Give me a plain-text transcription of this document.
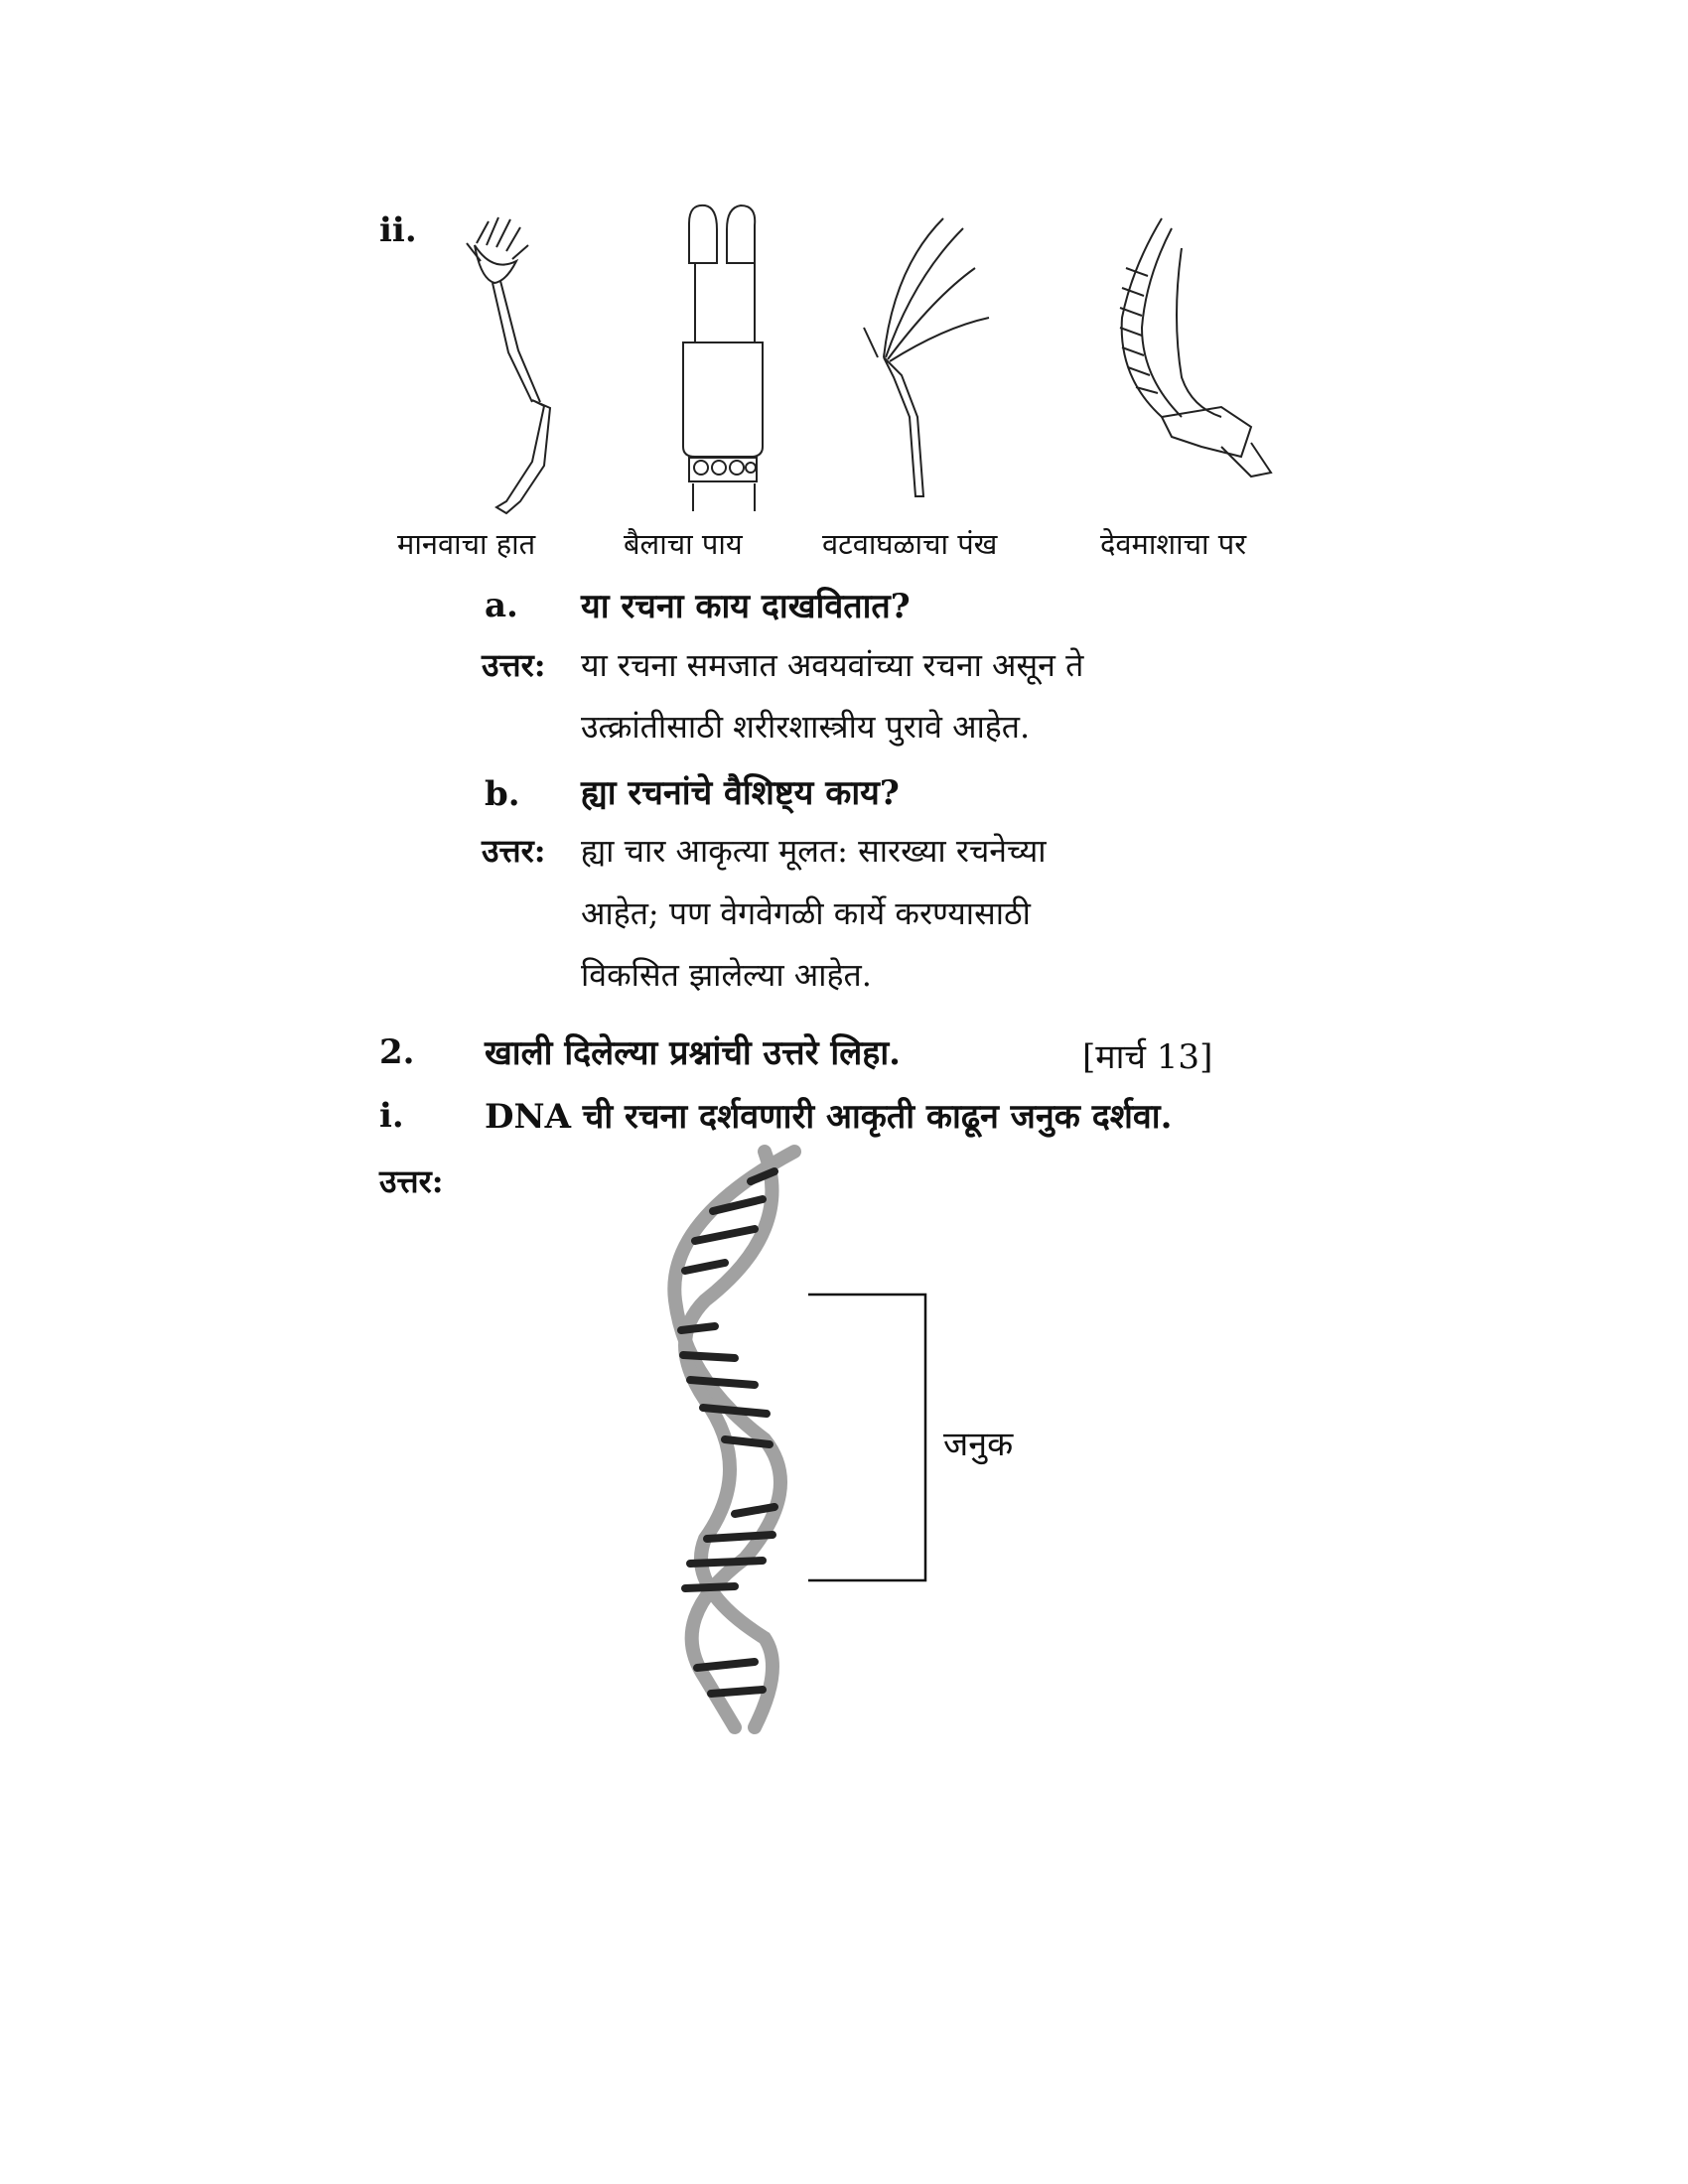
ii.
मानवाचा हात	बैलाचा पाय	वटवाघळाचा पंख	देवमाशाचा पर
a. या रचना काय दाखवितात?
उत्तर: या रचना समजात अवयवांच्या रचना असून ते
उत्क्रांतीसाठी शरीरशास्त्रीय पुरावे आहेत.
b. ह्या रचनांचे वैशिष्ट्य काय?
उत्तर: ह्या चार आकृत्या मूलत: सारख्या रचनेच्या
आहेत; पण वेगवेगळी कार्ये करण्यासाठी
विकसित झालेल्या आहेत.
2. खाली दिलेल्या प्रश्नांची उत्तरे लिहा.	[मार्च 13]
i. DNA ची रचना दर्शवणारी आकृती काढून जनुक दर्शवा.
उत्तर:
जनुक
